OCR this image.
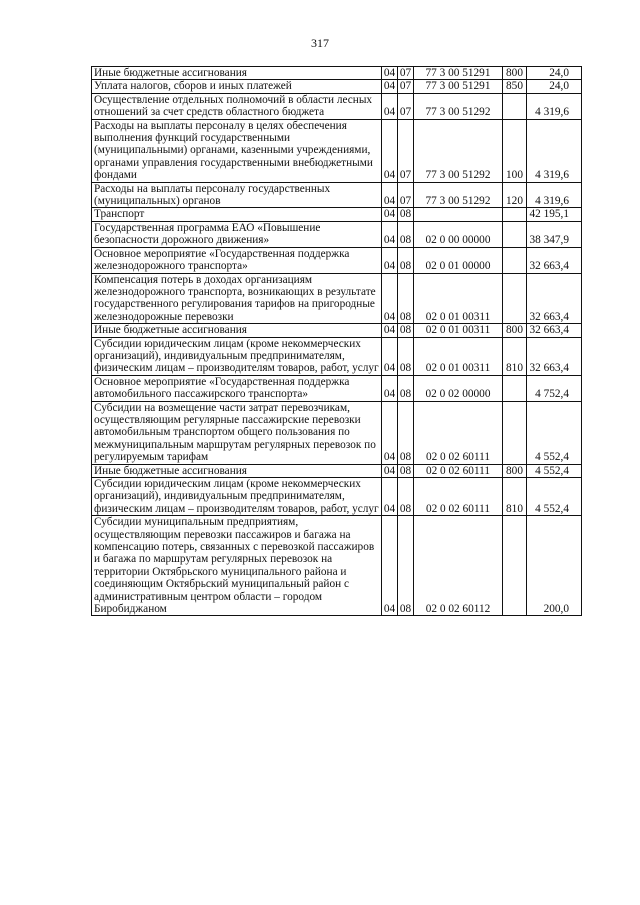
317
Иные бюджетные ассигнования	04	07	77 3 00 51291	800	24,0
Уплата налогов, сборов и иных платежей	04	07	77 3 00 51291	850	24,0
Осуществление отдельных полномочий в области лесных отношений за счет средств областного бюджета	04	07	77 3 00 51292		4 319,6
Расходы на выплаты персоналу в целях обеспечения выполнения функций государственными (муниципальными) органами, казенными учреждениями, органами управления государственными внебюджетными фондами	04	07	77 3 00 51292	100	4 319,6
Расходы на выплаты персоналу государственных (муниципальных) органов	04	07	77 3 00 51292	120	4 319,6
Транспорт	04	08			42 195,1
Государственная программа ЕАО «Повышение безопасности дорожного движения»	04	08	02 0 00 00000		38 347,9
Основное мероприятие «Государственная поддержка железнодорожного транспорта»	04	08	02 0 01 00000		32 663,4
Компенсация потерь в доходах организациям железнодорожного транспорта, возникающих в результате государственного регулирования тарифов на пригородные железнодорожные перевозки	04	08	02 0 01 00311		32 663,4
Иные бюджетные ассигнования	04	08	02 0 01 00311	800	32 663,4
Субсидии юридическим лицам (кроме некоммерческих организаций), индивидуальным предпринимателям, физическим лицам – производителям товаров, работ, услуг	04	08	02 0 01 00311	810	32 663,4
Основное мероприятие «Государственная поддержка автомобильного пассажирского транспорта»	04	08	02 0 02 00000		4 752,4
Субсидии на возмещение части затрат перевозчикам, осуществляющим регулярные пассажирские перевозки автомобильным транспортом общего пользования по межмуниципальным маршрутам регулярных перевозок по регулируемым тарифам	04	08	02 0 02 60111		4 552,4
Иные бюджетные ассигнования	04	08	02 0 02 60111	800	4 552,4
Субсидии юридическим лицам (кроме некоммерческих организаций), индивидуальным предпринимателям, физическим лицам – производителям товаров, работ, услуг	04	08	02 0 02 60111	810	4 552,4
Субсидии муниципальным предприятиям, осуществляющим перевозки пассажиров и багажа на компенсацию потерь, связанных с перевозкой пассажиров и багажа по маршрутам регулярных перевозок на территории Октябрьского муниципального района и соединяющим Октябрьский муниципальный район с административным центром области – городом Биробиджаном	04	08	02 0 02 60112		200,0
